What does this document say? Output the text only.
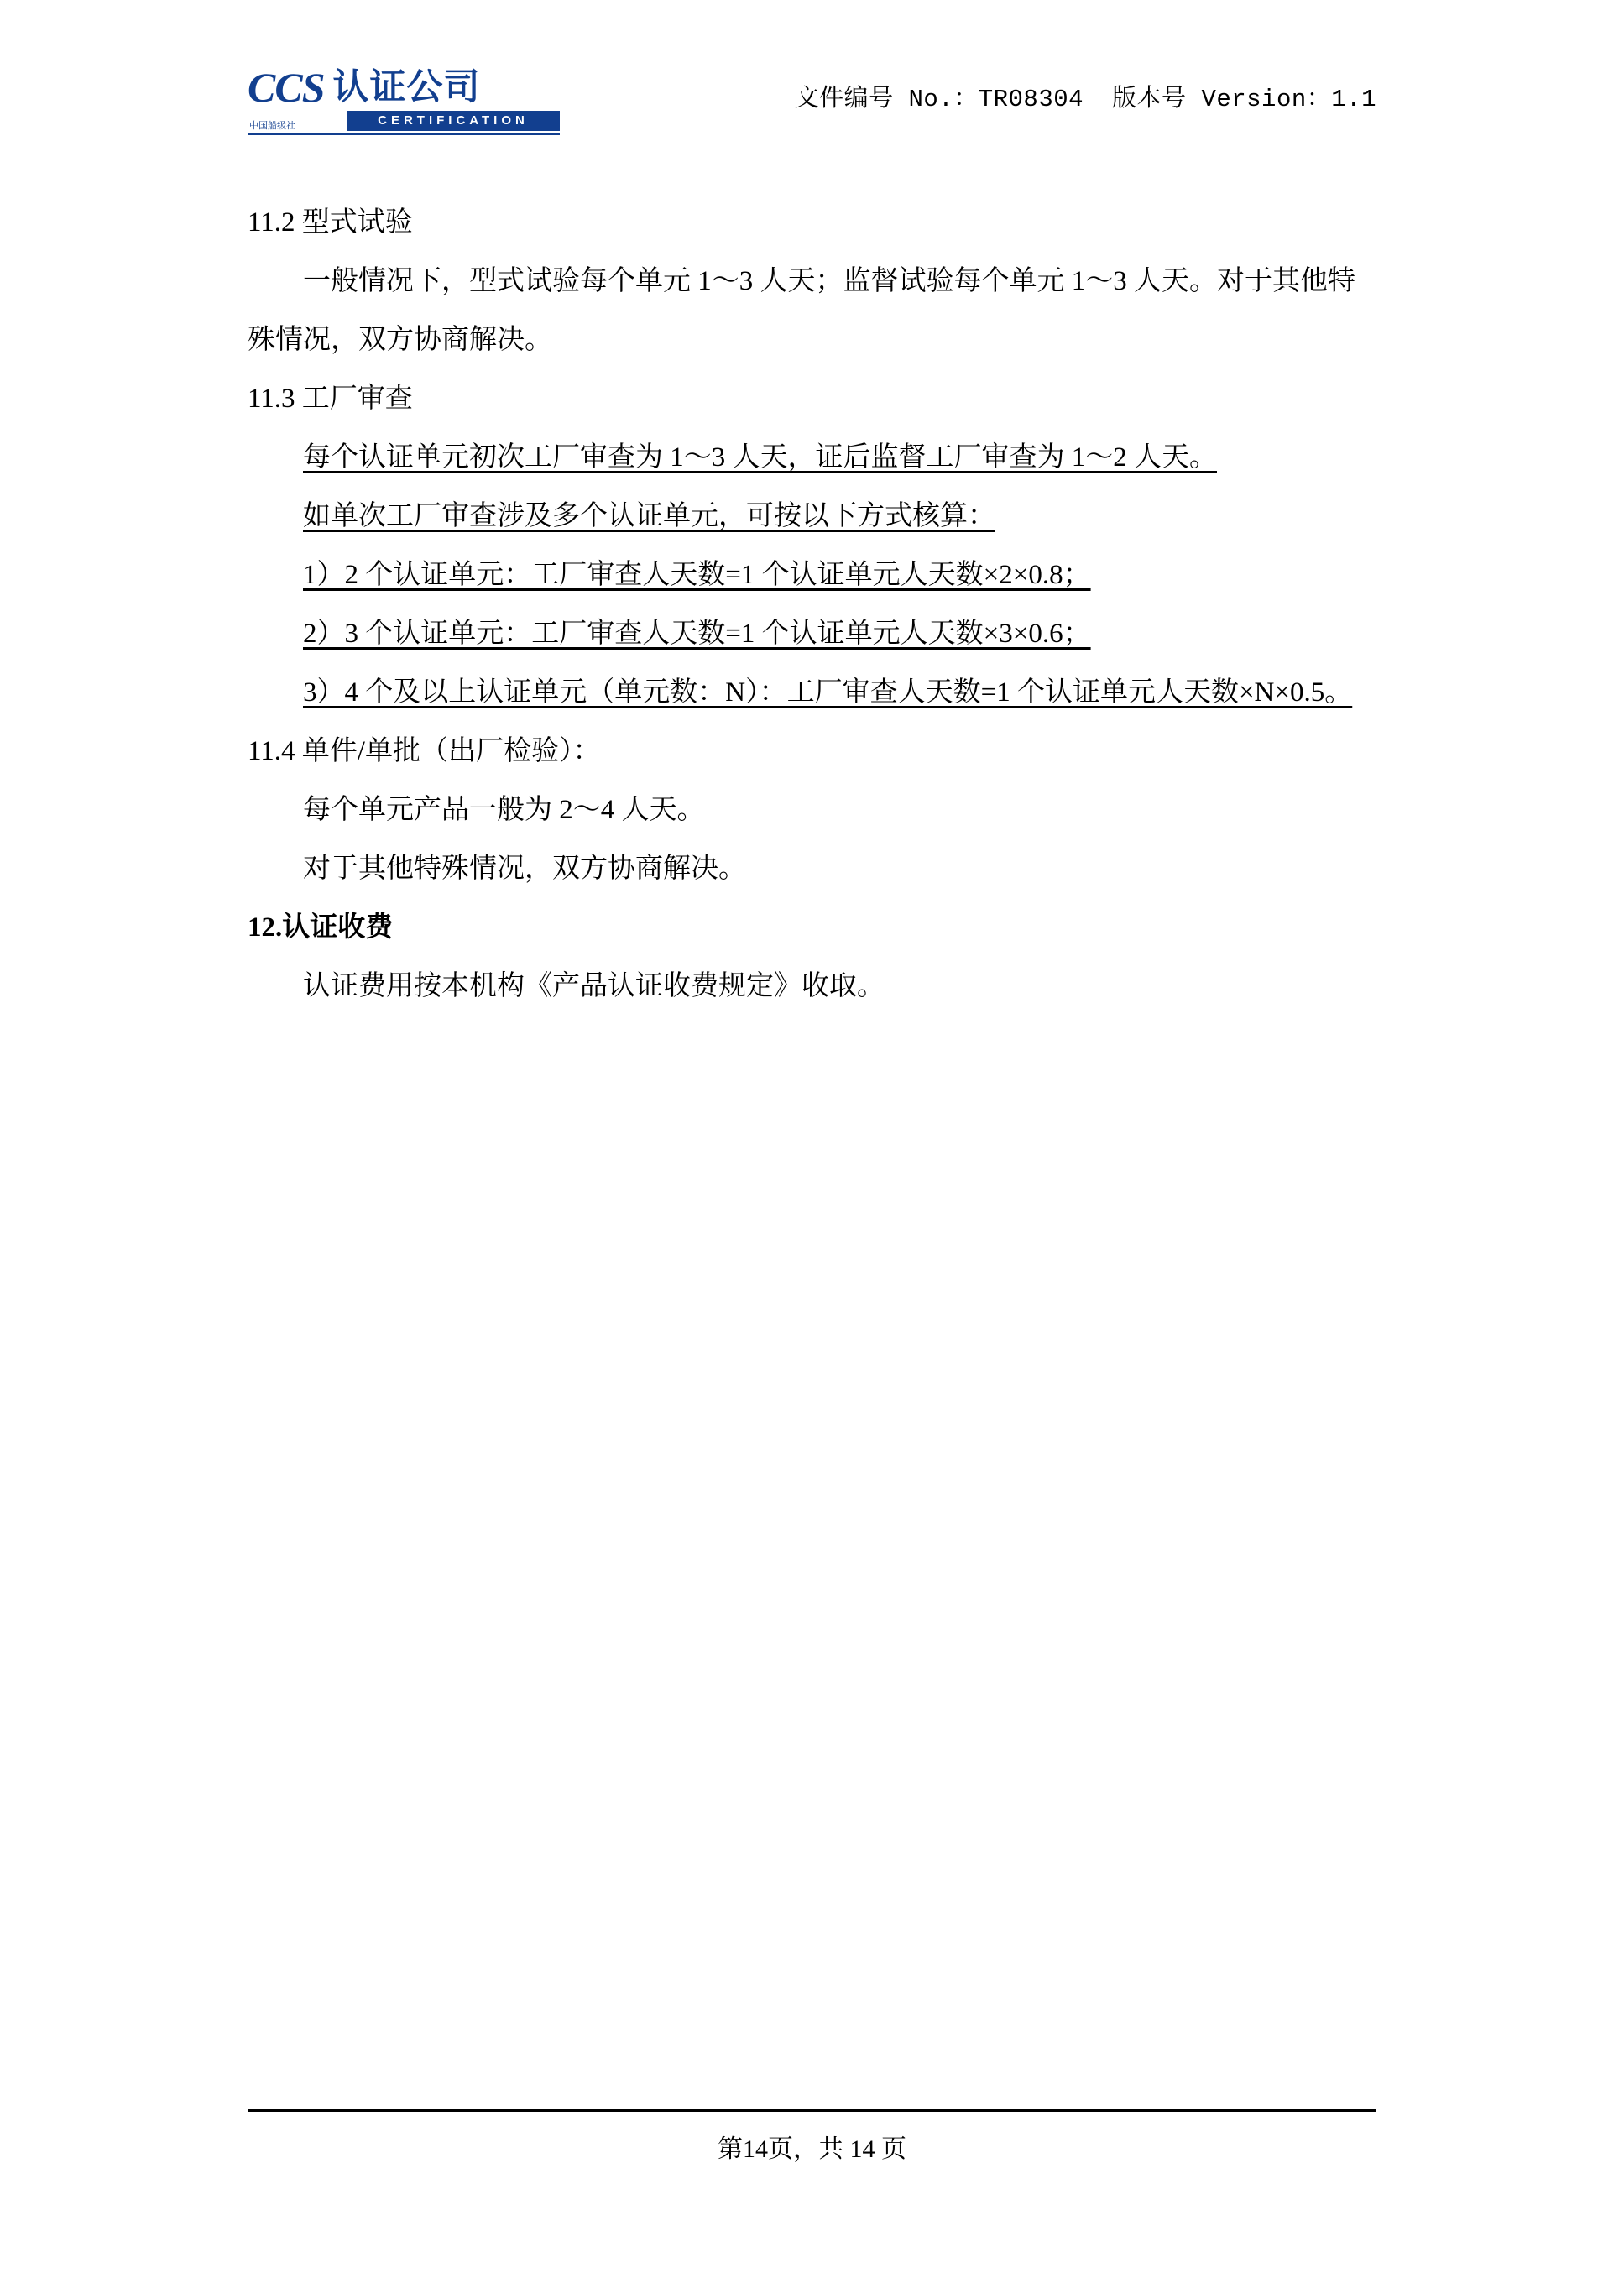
CCS 认证公司
中国船级社	CERTIFICATION
文件编号 No.：TR08304 版本号 Version：1.1
11.2 型式试验
一般情况下，型式试验每个单元 1～3 人天；监督试验每个单元 1～3 人天。对于其他特殊情况，双方协商解决。
11.3 工厂审查
每个认证单元初次工厂审查为 1～3 人天，证后监督工厂审查为 1～2 人天。
如单次工厂审查涉及多个认证单元，可按以下方式核算：
1）2 个认证单元：工厂审查人天数=1 个认证单元人天数×2×0.8；
2）3 个认证单元：工厂审查人天数=1 个认证单元人天数×3×0.6；
3）4 个及以上认证单元（单元数：N）：工厂审查人天数=1 个认证单元人天数×N×0.5。
11.4 单件/单批（出厂检验）：
每个单元产品一般为 2～4 人天。
对于其他特殊情况，双方协商解决。
12.认证收费
认证费用按本机构《产品认证收费规定》收取。
第14页，共 14 页
